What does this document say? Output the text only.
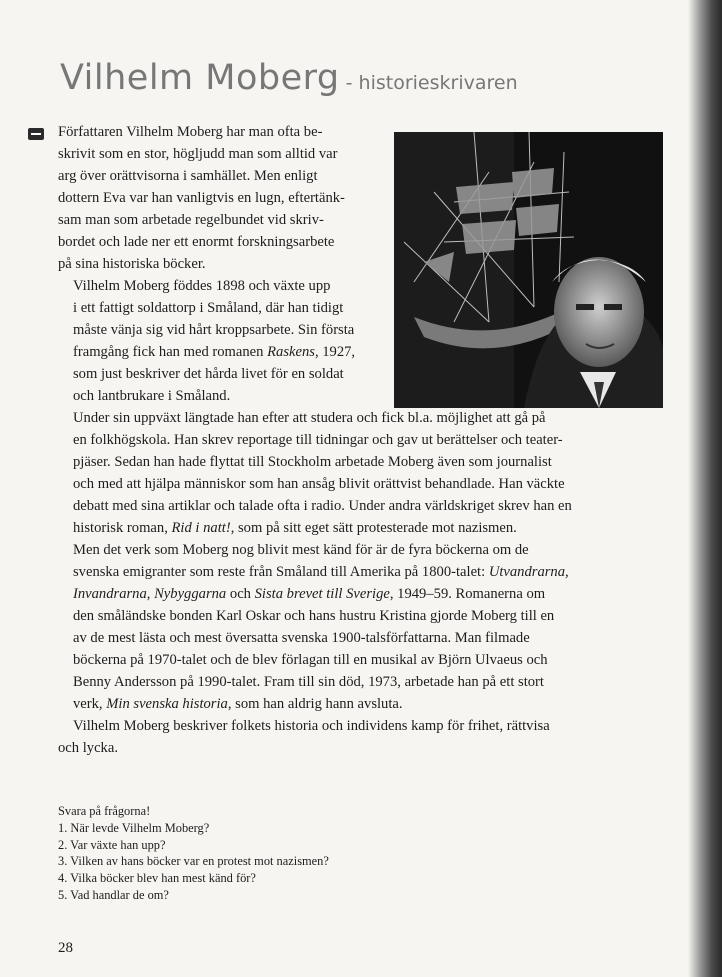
Vilhelm Moberg - historieskrivaren

Författaren Vilhelm Moberg har man ofta be-
skrivit som en stor, högljudd man som alltid var
arg över orättvisorna i samhället. Men enligt
dottern Eva var han vanligtvis en lugn, eftertänk-
sam man som arbetade regelbundet vid skriv-
bordet och lade ner ett enormt forskningsarbete
på sina historiska böcker.

Vilhelm Moberg föddes 1898 och växte upp
i ett fattigt soldattorp i Småland, där han tidigt
måste vänja sig vid hårt kroppsarbete. Sin första
framgång fick han med romanen Raskens, 1927,
som just beskriver det hårda livet för en soldat
och lantbrukare i Småland.

Under sin uppväxt längtade han efter att studera och fick bl.a. möjlighet att gå på
en folkhögskola. Han skrev reportage till tidningar och gav ut berättelser och teater-
pjäser. Sedan han hade flyttat till Stockholm arbetade Moberg även som journalist
och med att hjälpa människor som han ansåg blivit orättvist behandlade. Han väckte
debatt med sina artiklar och talade ofta i radio. Under andra världskriget skrev han en
historisk roman, Rid i natt!, som på sitt eget sätt protesterade mot nazismen.

Men det verk som Moberg nog blivit mest känd för är de fyra böckerna om de
svenska emigranter som reste från Småland till Amerika på 1800-talet: Utvandrarna,
Invandrarna, Nybyggarna och Sista brevet till Sverige, 1949–59. Romanerna om
den småländske bonden Karl Oskar och hans hustru Kristina gjorde Moberg till en
av de mest lästa och mest översatta svenska 1900-talsförfattarna. Man filmade
böckerna på 1970-talet och de blev förlagan till en musikal av Björn Ulvaeus och
Benny Andersson på 1990-talet. Fram till sin död, 1973, arbetade han på ett stort
verk, Min svenska historia, som han aldrig hann avsluta.

Vilhelm Moberg beskriver folkets historia och individens kamp för frihet, rättvisa
och lycka.

Svara på frågorna!
1. När levde Vilhelm Moberg?
2. Var växte han upp?
3. Vilken av hans böcker var en protest mot nazismen?
4. Vilka böcker blev han mest känd för?
5. Vad handlar de om?
28
